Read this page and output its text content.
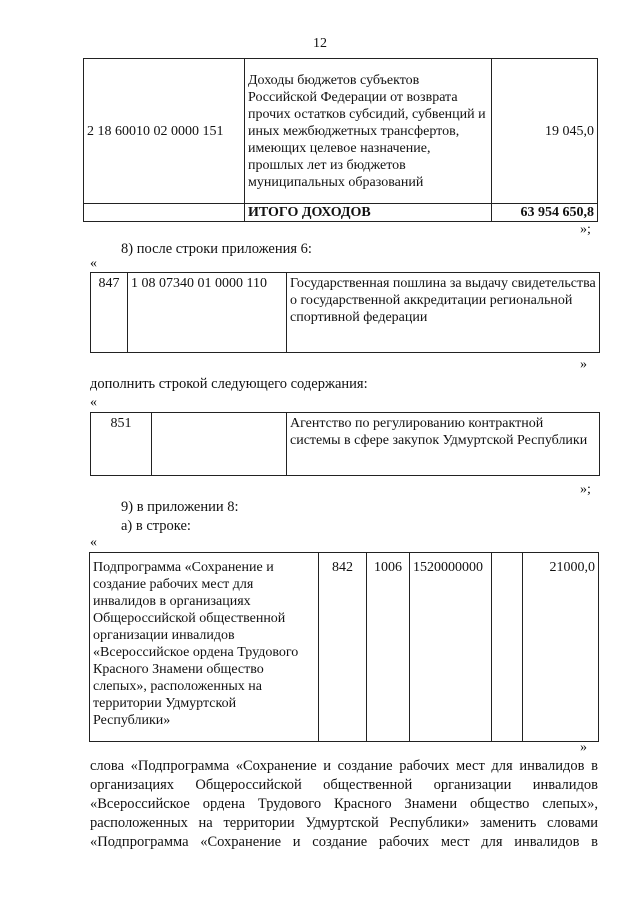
12
2 18 60010 02 0000 151	Доходы бюджетов субъектов Российской Федерации от возврата прочих остатков субсидий, субвенций и иных межбюджетных трансфертов, имеющих целевое назначение, прошлых лет из бюджетов муниципальных образований	19 045,0
	ИТОГО ДОХОДОВ	63 954 650,8
»;
8) после строки приложения 6:
«
847	1 08 07340 01 0000 110	Государственная пошлина за выдачу свидетельства о государственной аккредитации региональной спортивной федерации
»
дополнить строкой следующего содержания:
«
851		Агентство по регулированию контрактной системы в сфере закупок Удмуртской Республики
»;
9) в приложении 8:
а) в строке:
«
Подпрограмма «Сохранение и создание рабочих мест для инвалидов в организациях Общероссийской общественной организации инвалидов «Всероссийское ордена Трудового Красного Знамени общество слепых», расположенных на территории Удмуртской Республики»	842	1006	1520000000		21000,0
»
слова «Подпрограмма «Сохранение и создание рабочих мест для инвалидов в
организациях Общероссийской общественной организации инвалидов
«Всероссийское ордена Трудового Красного Знамени общество слепых»,
расположенных на территории Удмуртской Республики» заменить словами
«Подпрограмма «Сохранение и создание рабочих мест для инвалидов в
